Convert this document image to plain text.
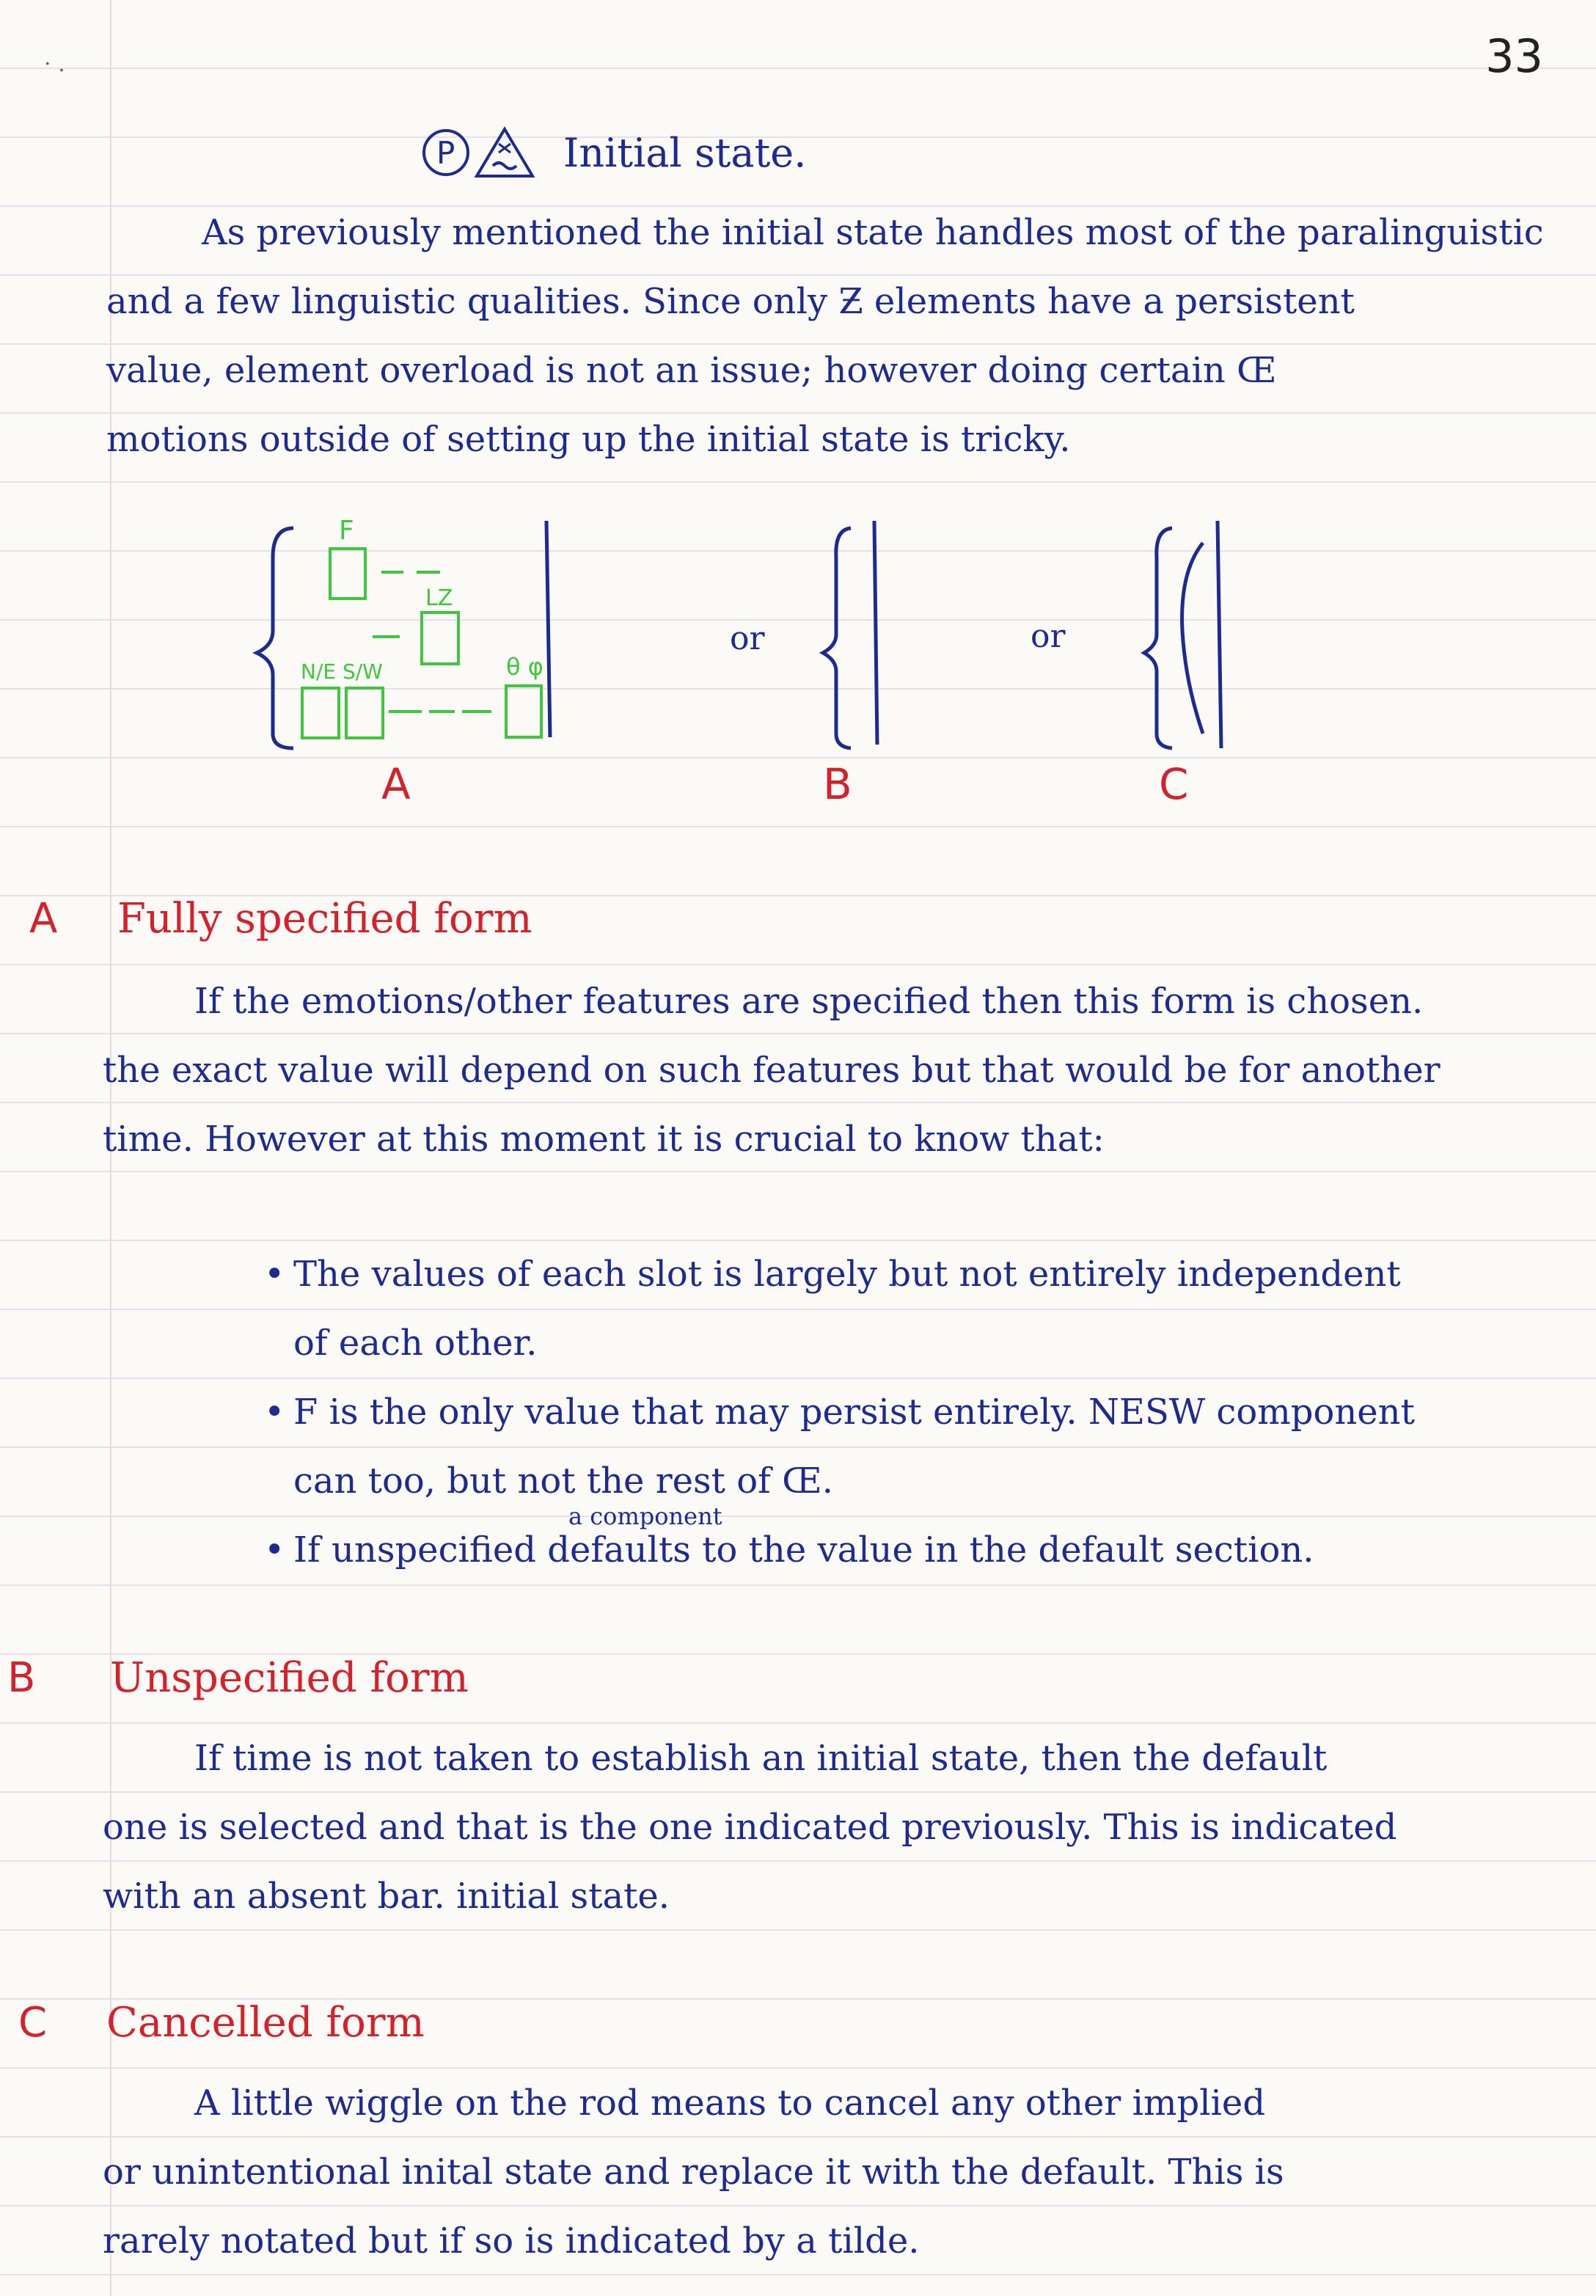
· .	33
P	Initial state.
As previously mentioned the initial state handles most of the paralinguistic
and a few linguistic qualities. Since only Ƶ elements have a persistent
value, element overload is not an issue; however doing certain Œ
motions outside of setting up the initial state is tricky.
F
LZ
N/E S/W	θ φ
or	or
A	B	C
A Fully specified form
If the emotions/other features are specified then this form is chosen.
the exact value will depend on such features but that would be for another
time. However at this moment it is crucial to know that:
• The values of each slot is largely but not entirely independent
of each other.
• F is the only value that may persist entirely. NESW component
can too, but not the rest of Œ.
• If unspecified defaults to the value in the default section.
a component
B Unspecified form
If time is not taken to establish an initial state, then the default
one is selected and that is the one indicated previously. This is indicated
with an absent bar. initial state.
C Cancelled form
A little wiggle on the rod means to cancel any other implied
or unintentional inital state and replace it with the default. This is
rarely notated but if so is indicated by a tilde.
